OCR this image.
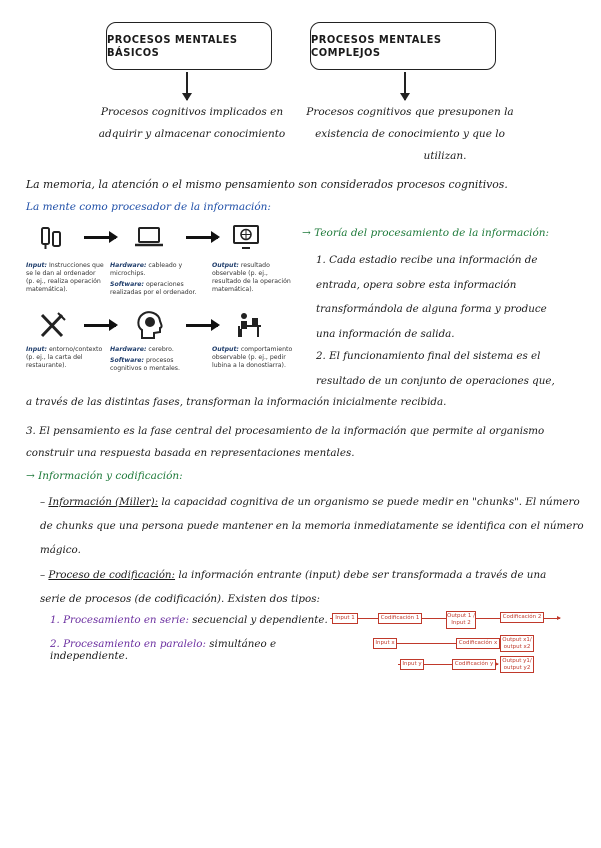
PROCESOS MENTALES BÁSICOS
PROCESOS MENTALES COMPLEJOS
Procesos cognitivos implicados en
adquirir y almacenar conocimiento
Procesos cognitivos que presuponen la
existencia de conocimiento y que lo
utilizan.
La memoria, la atención o el mismo pensamiento son considerados procesos cognitivos.
La mente como procesador de la información:
Input: Instrucciones que se le dan al ordenador (p. ej., realiza operación matemática).
Hardware: cableado y microchips.
Software: operaciones realizadas por el ordenador.
Output: resultado observable (p. ej., resultado de la operación matemática).
Input: entorno/contexto (p. ej., la carta del restaurante).
Hardware: cerebro.
Software: procesos cognitivos o mentales.
Output: comportamiento observable (p. ej., pedir lubina a la donostiarra).
→ Teoría del procesamiento de la información:
1. Cada estadio recibe una información de
entrada, opera sobre esta información
transformándola de alguna forma y produce
una información de salida.
2. El funcionamiento final del sistema es el
resultado de un conjunto de operaciones que,
a través de las distintas fases, transforman la información inicialmente recibida.
3. El pensamiento es la fase central del procesamiento de la información que permite al organismo
construir una respuesta basada en representaciones mentales.
→ Información y codificación:
– Información (Miller): la capacidad cognitiva de un organismo se puede medir en "chunks". El número
de chunks que una persona puede mantener en la memoria inmediatamente se identifica con el número
mágico.
– Proceso de codificación: la información entrante (input) debe ser transformada a través de una
serie de procesos (de codificación). Existen dos tipos:
1. Procesamiento en serie: secuencial y dependiente.
2. Procesamiento en paralelo: simultáneo e independiente.
Input 1	Codificación 1	Output 1 / Input 2
Codificación 2
Input x	Codificación x
Output x1/ output x2
Input y	Codificación y
Output y1/ output y2
